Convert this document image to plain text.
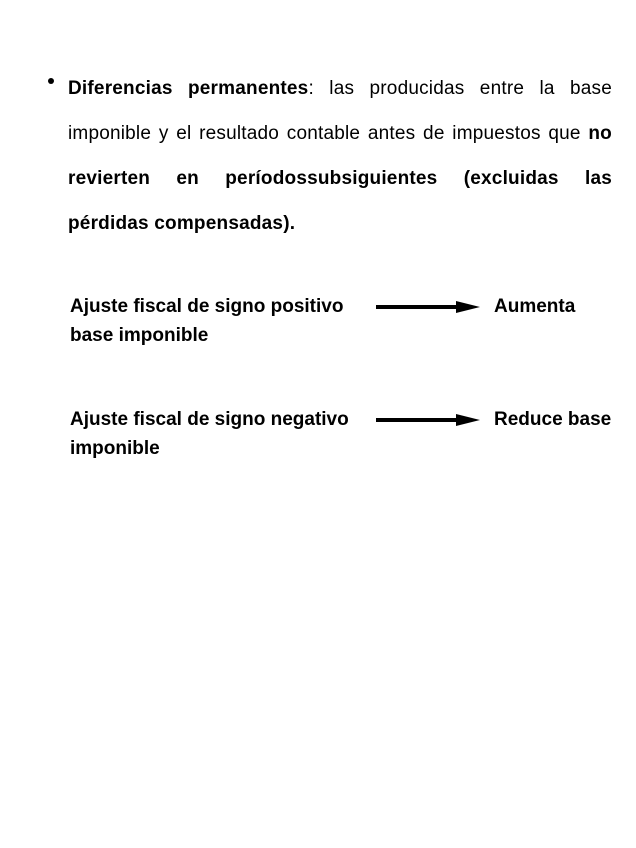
Diferencias permanentes: las producidas entre la base imponible y el resultado contable antes de impuestos que no revierten en períodossubsiguientes (excluidas las pérdidas compensadas).
Ajuste fiscal de signo positivo base imponible
Aumenta
Ajuste fiscal de signo negativo imponible
Reduce base
